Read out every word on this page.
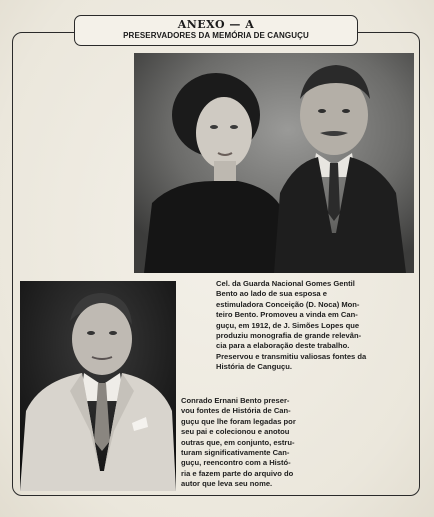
ANEXO — A
PRESERVADORES DA MEMÓRIA DE CANGUÇU
Cel. da Guarda Nacional Gomes Gentil
Bento ao lado de sua esposa e
estimuladora Conceição (D. Noca) Mon-
teiro Bento. Promoveu a vinda em Can-
guçu, em 1912, de J. Simões Lopes que
produziu monografia de grande relevân-
cia para a elaboração deste trabalho.
Preservou e transmitiu valiosas fontes da
História de Canguçu.
Conrado Ernani Bento preser-
vou fontes de História de Can-
guçu que lhe foram legadas por
seu pai e colecionou e anotou
outras que, em conjunto, estru-
turam significativamente Can-
guçu, reencontro com a Histó-
ria e fazem parte do arquivo do
autor que leva seu nome.
